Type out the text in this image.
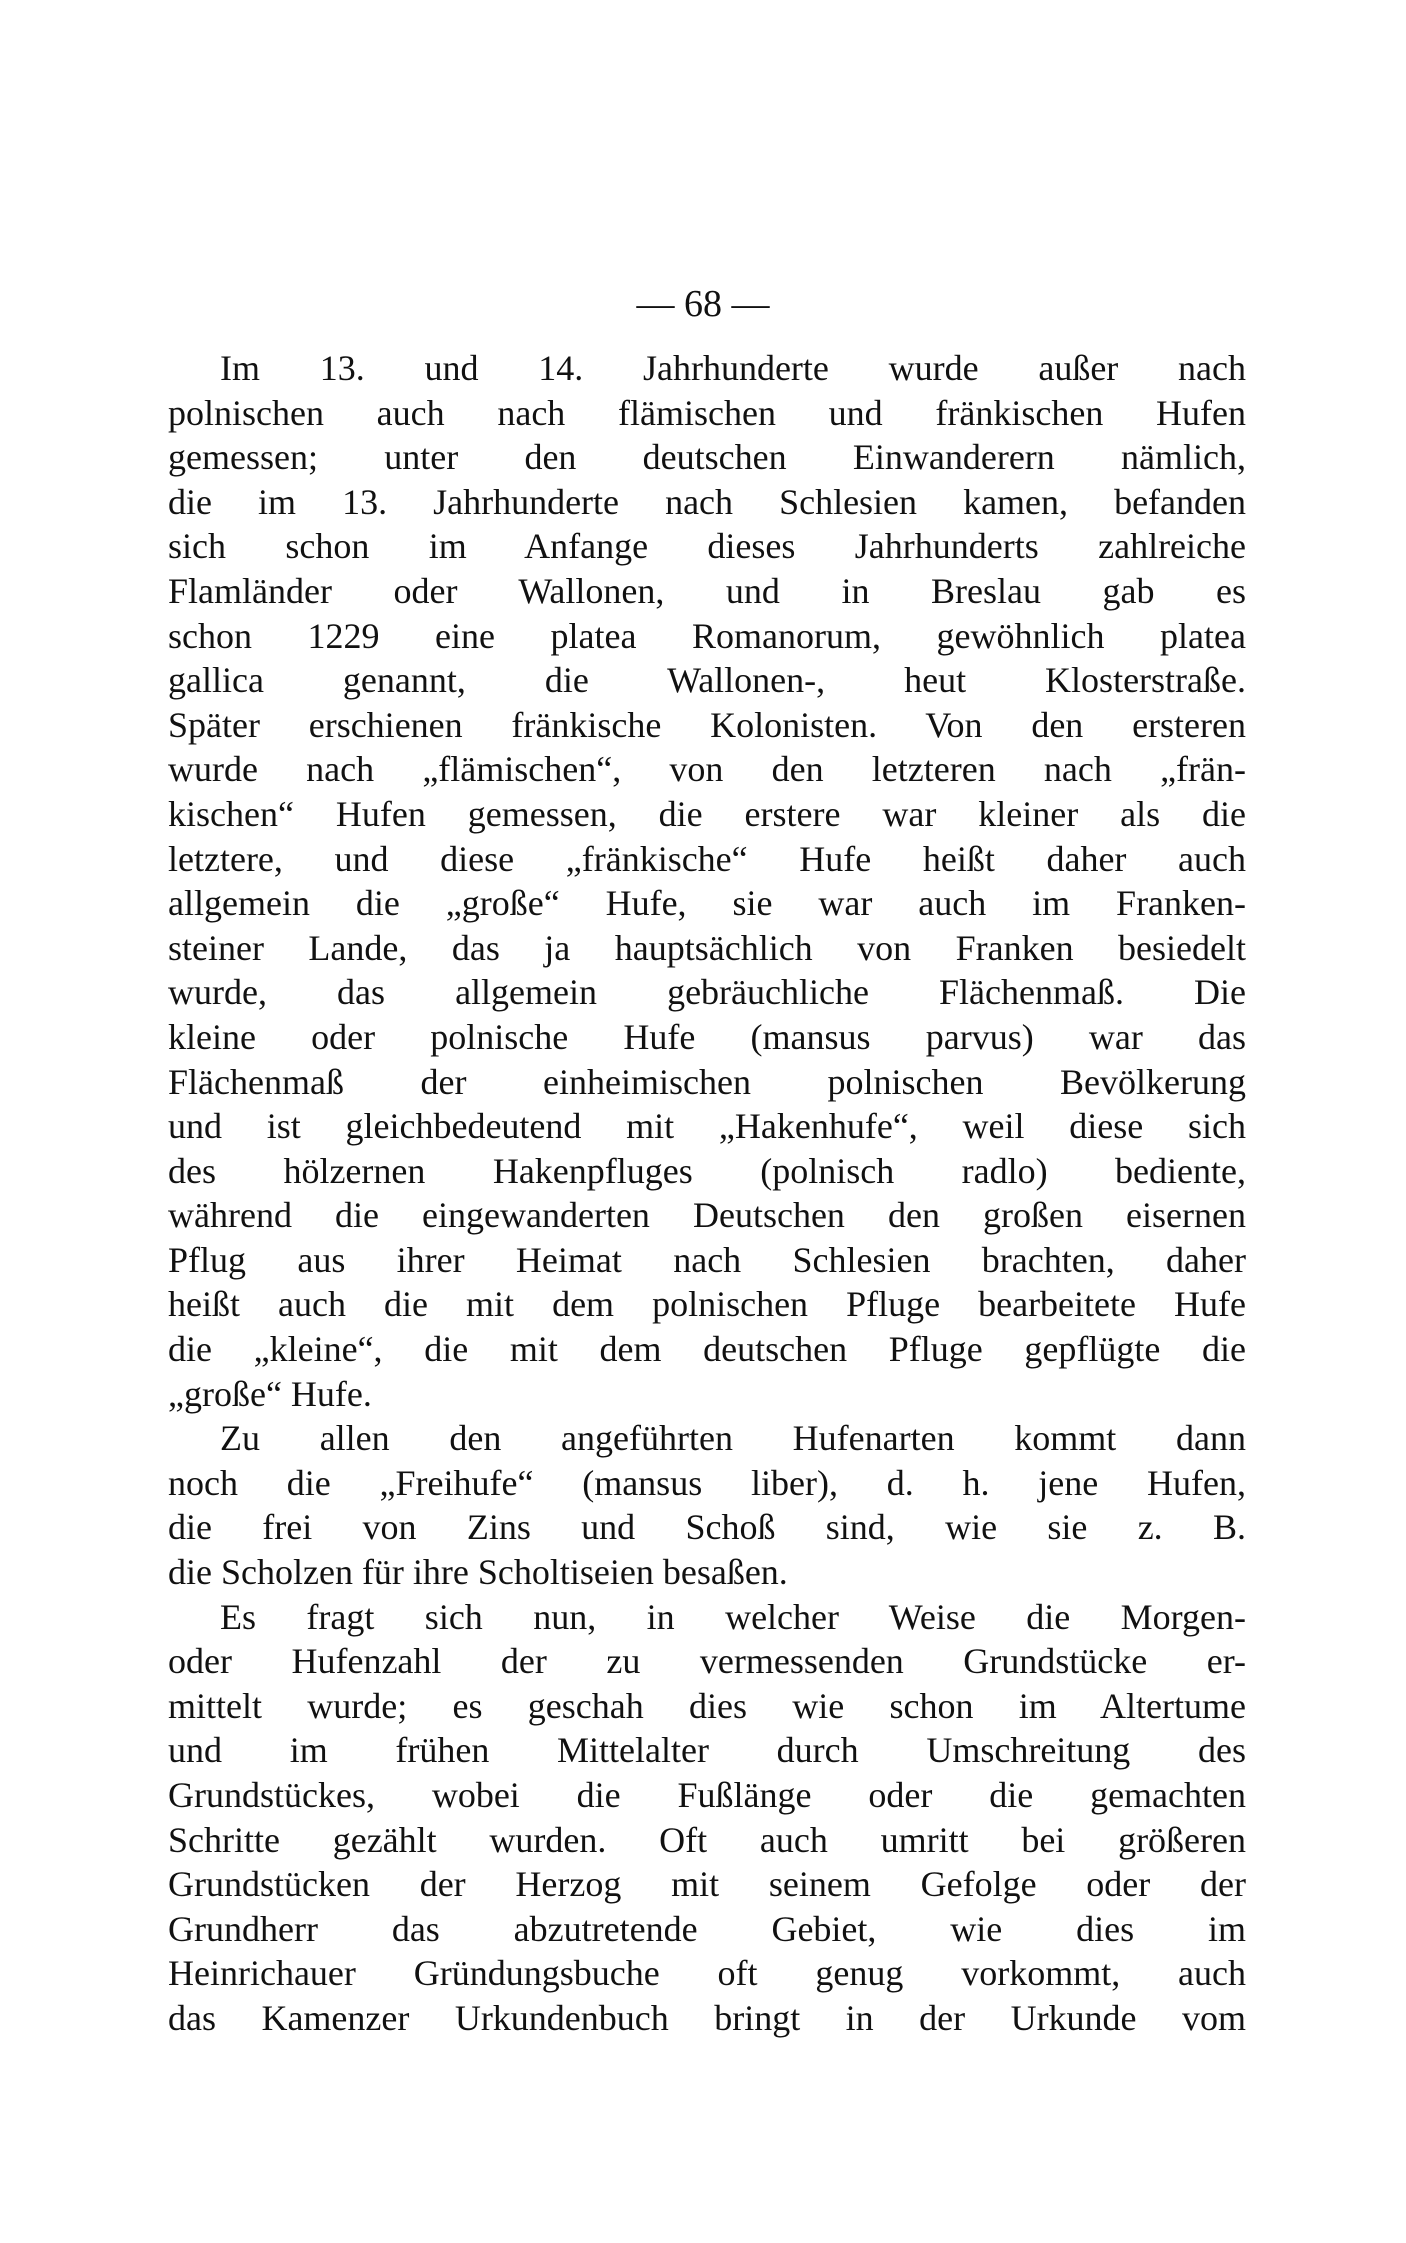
— 68 —
Im 13. und 14. Jahrhunderte wurde außer nach
polnischen auch nach flämischen und fränkischen Hufen
gemessen; unter den deutschen Einwanderern nämlich,
die im 13. Jahrhunderte nach Schlesien kamen, befanden
sich schon im Anfange dieses Jahrhunderts zahlreiche
Flamländer oder Wallonen, und in Breslau gab es
schon 1229 eine platea Romanorum, gewöhnlich platea
gallica genannt, die Wallonen-, heut Klosterstraße.
Später erschienen fränkische Kolonisten. Von den ersteren
wurde nach „flämischen“, von den letzteren nach „frän-
kischen“ Hufen gemessen, die erstere war kleiner als die
letztere, und diese „fränkische“ Hufe heißt daher auch
allgemein die „große“ Hufe, sie war auch im Franken-
steiner Lande, das ja hauptsächlich von Franken besiedelt
wurde, das allgemein gebräuchliche Flächenmaß. Die
kleine oder polnische Hufe (mansus parvus) war das
Flächenmaß der einheimischen polnischen Bevölkerung
und ist gleichbedeutend mit „Hakenhufe“, weil diese sich
des hölzernen Hakenpfluges (polnisch radlo) bediente,
während die eingewanderten Deutschen den großen eisernen
Pflug aus ihrer Heimat nach Schlesien brachten, daher
heißt auch die mit dem polnischen Pfluge bearbeitete Hufe
die „kleine“, die mit dem deutschen Pfluge gepflügte die
„große“ Hufe.
Zu allen den angeführten Hufenarten kommt dann
noch die „Freihufe“ (mansus liber), d. h. jene Hufen,
die frei von Zins und Schoß sind, wie sie z. B.
die Scholzen für ihre Scholtiseien besaßen.
Es fragt sich nun, in welcher Weise die Morgen-
oder Hufenzahl der zu vermessenden Grundstücke er-
mittelt wurde; es geschah dies wie schon im Altertume
und im frühen Mittelalter durch Umschreitung des
Grundstückes, wobei die Fußlänge oder die gemachten
Schritte gezählt wurden. Oft auch umritt bei größeren
Grundstücken der Herzog mit seinem Gefolge oder der
Grundherr das abzutretende Gebiet, wie dies im
Heinrichauer Gründungsbuche oft genug vorkommt, auch
das Kamenzer Urkundenbuch bringt in der Urkunde vom
